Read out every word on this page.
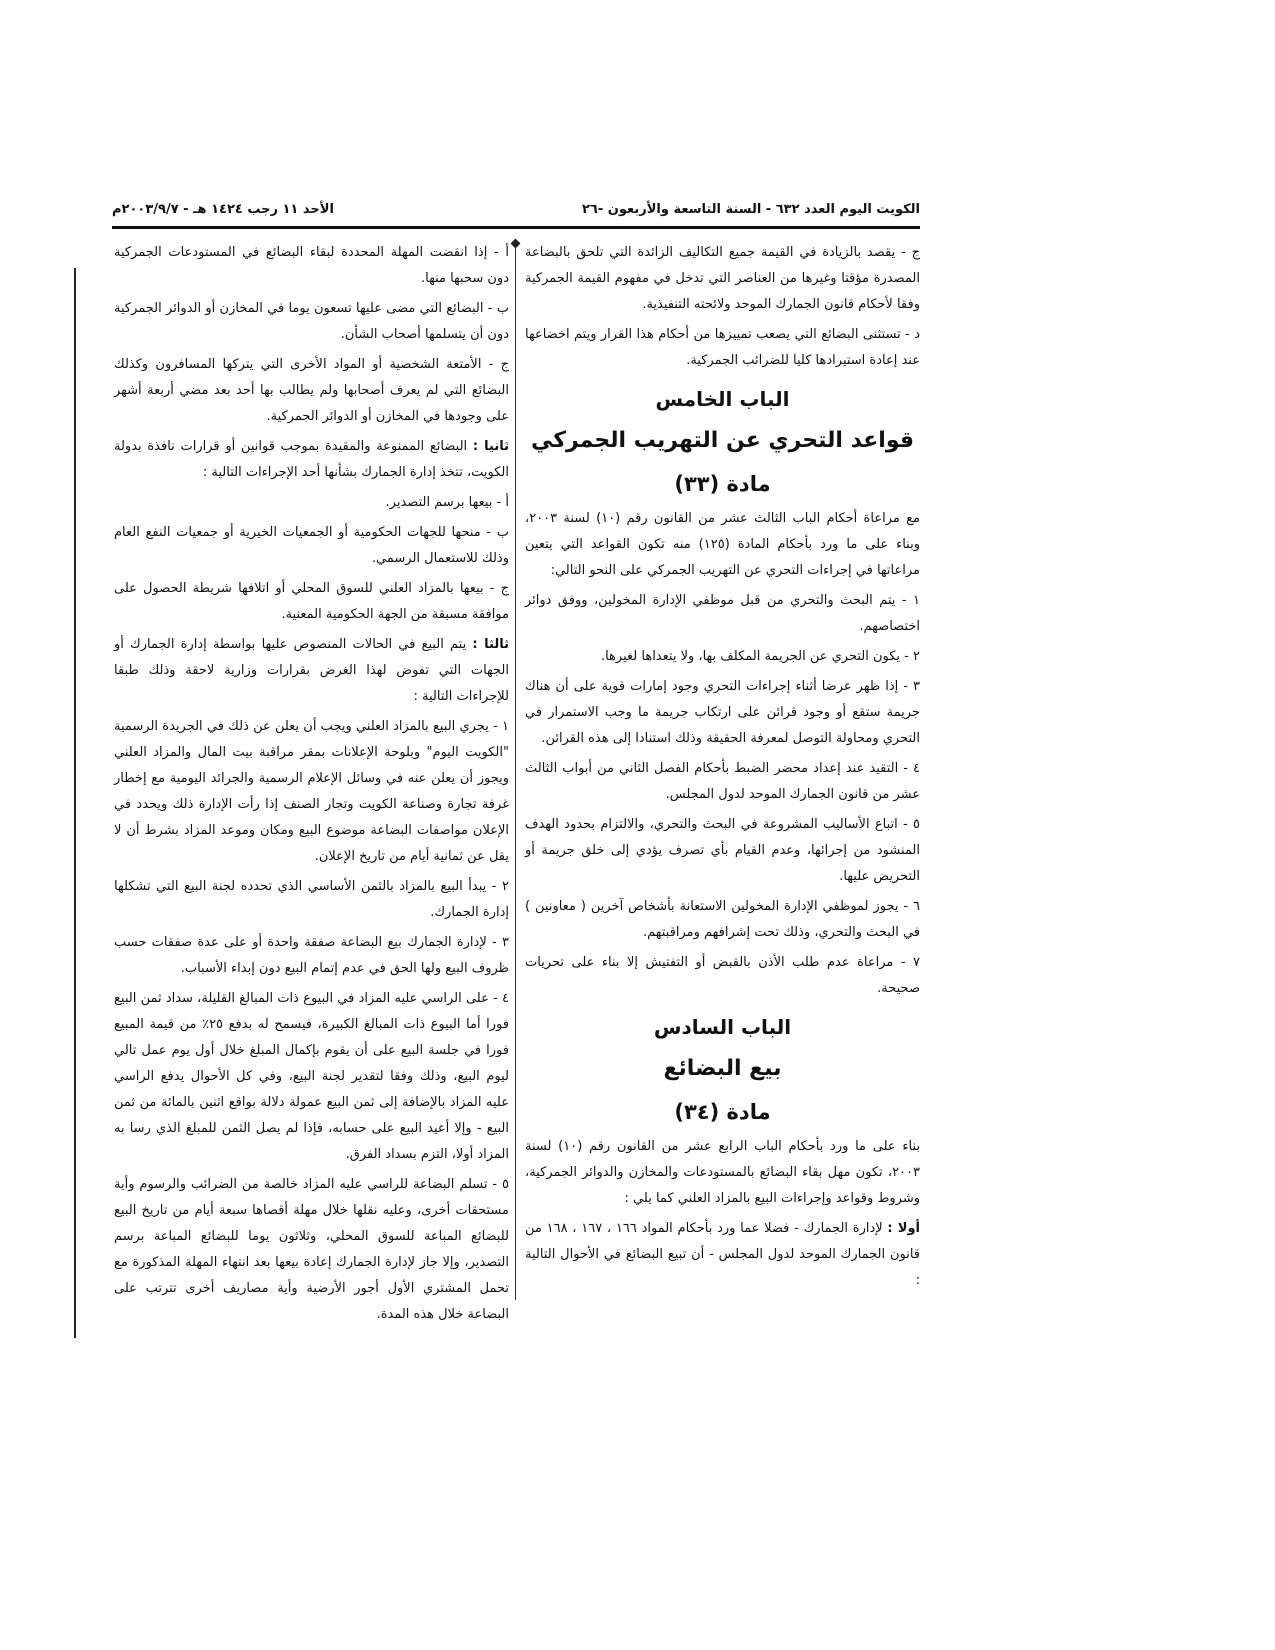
الكويت اليوم العدد ٦٣٢ - السنة التاسعة والأربعون -٢٦
الأحد ١١ رجب ١٤٢٤ هـ - ٢٠٠٣/٩/٧م

ج - يقصد بالزيادة في القيمة جميع التكاليف الزائدة التي تلحق بالبضاعة المصدرة مؤقتا وغيرها من العناصر التي تدخل في مفهوم القيمة الجمركية وفقا لأحكام قانون الجمارك الموحد ولائحته التنفيذية.

د - تستثنى البضائع التي يصعب تمييزها من أحكام هذا القرار ويتم اخضاعها عند إعادة استيرادها كليا للضرائب الجمركية.

الباب الخامس
قواعد التحري عن التهريب الجمركي
مادة (٣٣)

مع مراعاة أحكام الباب الثالث عشر من القانون رقم (١٠) لسنة ٢٠٠٣، وبناء على ما ورد بأحكام المادة (١٢٥) منه تكون القواعد التي يتعين مراعاتها في إجراءات التحري عن التهريب الجمركي على النحو التالي:

١ - يتم البحث والتحري من قبل موظفي الإدارة المخولين، ووفق دوائر اختصاصهم.

٢ - يكون التحري عن الجريمة المكلف بها، ولا يتعداها لغيرها.

٣ - إذا ظهر عرضا أثناء إجراءات التحري وجود إمارات قوية على أن هناك جريمة ستقع أو وجود قرائن على ارتكاب جريمة ما وجب الاستمرار في التحري ومحاولة التوصل لمعرفة الحقيقة وذلك استنادا إلى هذه القرائن.

٤ - التقيد عند إعداد محضر الضبط بأحكام الفصل الثاني من أبواب الثالث عشر من قانون الجمارك الموحد لدول المجلس.

٥ - اتباع الأساليب المشروعة في البحث والتحري، والالتزام بحدود الهدف المنشود من إجرائها، وعدم القيام بأي تصرف يؤدي إلى خلق جريمة أو التحريض عليها.

٦ - يجوز لموظفي الإدارة المخولين الاستعانة بأشخاص آخرين ( معاونين ) في البحث والتحري، وذلك تحت إشرافهم ومراقبتهم.

٧ - مراعاة عدم طلب الأذن بالقبض أو التفتيش إلا بناء على تحريات صحيحة.

الباب السادس
بيع البضائع
مادة (٣٤)

بناء على ما ورد بأحكام الباب الرابع عشر من القانون رقم (١٠) لسنة ٢٠٠٣، تكون مهل بقاء البضائع بالمستودعات والمخازن والدوائر الجمركية، وشروط وقواعد وإجراءات البيع بالمزاد العلني كما يلي :

أولا : لإدارة الجمارك - فضلا عما ورد بأحكام المواد ١٦٦ ، ١٦٧ ، ١٦٨ من قانون الجمارك الموحد لدول المجلس - أن تبيع البضائع في الأحوال التالية :

أ - إذا انقضت المهلة المحددة لبقاء البضائع في المستودعات الجمركية دون سحبها منها.

ب - البضائع التي مضى عليها تسعون يوما في المخازن أو الدوائر الجمركية دون أن يتسلمها أصحاب الشأن.

ج - الأمتعة الشخصية أو المواد الأخرى التي يتركها المسافرون وكذلك البضائع التي لم يعرف أصحابها ولم يطالب بها أحد بعد مضي أربعة أشهر على وجودها في المخازن أو الدوائر الجمركية.

ثانيا : البضائع الممنوعة والمقيدة بموجب قوانين أو قرارات نافذة بدولة الكويت، تتخذ إدارة الجمارك بشأنها أحد الإجراءات التالية :

أ - بيعها برسم التصدير.

ب - منحها للجهات الحكومية أو الجمعيات الخيرية أو جمعيات النفع العام وذلك للاستعمال الرسمي.

ج - بيعها بالمزاد العلني للسوق المحلي أو اتلافها شريطة الحصول على موافقة مسبقة من الجهة الحكومية المعنية.

ثالثا : يتم البيع في الحالات المنصوص عليها بواسطة إدارة الجمارك أو الجهات التي تفوض لهذا الغرض بقرارات وزارية لاحقة وذلك طبقا للإجراءات التالية :

١ - يجري البيع بالمزاد العلني ويجب أن يعلن عن ذلك في الجريدة الرسمية "الكويت اليوم" وبلوحة الإعلانات بمقر مراقبة بيت المال والمزاد العلني ويجوز أن يعلن عنه في وسائل الإعلام الرسمية والجرائد اليومية مع إخطار غرفة تجارة وصناعة الكويت وتجار الصنف إذا رأت الإدارة ذلك ويحدد في الإعلان مواصفات البضاعة موضوع البيع ومكان وموعد المزاد بشرط أن لا يقل عن ثمانية أيام من تاريخ الإعلان.

٢ - يبدأ البيع بالمزاد بالثمن الأساسي الذي تحدده لجنة البيع التي تشكلها إدارة الجمارك.

٣ - لإدارة الجمارك بيع البضاعة صفقة واحدة أو على عدة صفقات حسب ظروف البيع ولها الحق في عدم إتمام البيع دون إبداء الأسباب.

٤ - على الراسي عليه المزاد في البيوع ذات المبالغ القليلة، سداد ثمن البيع فورا أما البيوع ذات المبالغ الكبيرة، فيسمح له بدفع ٢٥٪ من قيمة المبيع فورا في جلسة البيع على أن يقوم بإكمال المبلغ خلال أول يوم عمل تالي ليوم البيع، وذلك وفقا لتقدير لجنة البيع، وفي كل الأحوال يدفع الراسي عليه المزاد بالإضافة إلى ثمن البيع عمولة دلالة بواقع اثنين بالمائة من ثمن البيع - وإلا أعيد البيع على حسابه، فإذا لم يصل الثمن للمبلغ الذي رسا به المزاد أولا، التزم بسداد الفرق.

٥ - تسلم البضاعة للراسي عليه المزاد خالصة من الضرائب والرسوم وأية مستحقات أخرى، وعليه نقلها خلال مهلة أقصاها سبعة أيام من تاريخ البيع للبضائع المباعة للسوق المحلي، وثلاثون يوما للبضائع المباعة برسم التصدير، وإلا جاز لإدارة الجمارك إعادة بيعها بعد انتهاء المهلة المذكورة مع تحمل المشتري الأول أجور الأرضية وأية مصاريف أخرى تترتب على البضاعة خلال هذه المدة.
